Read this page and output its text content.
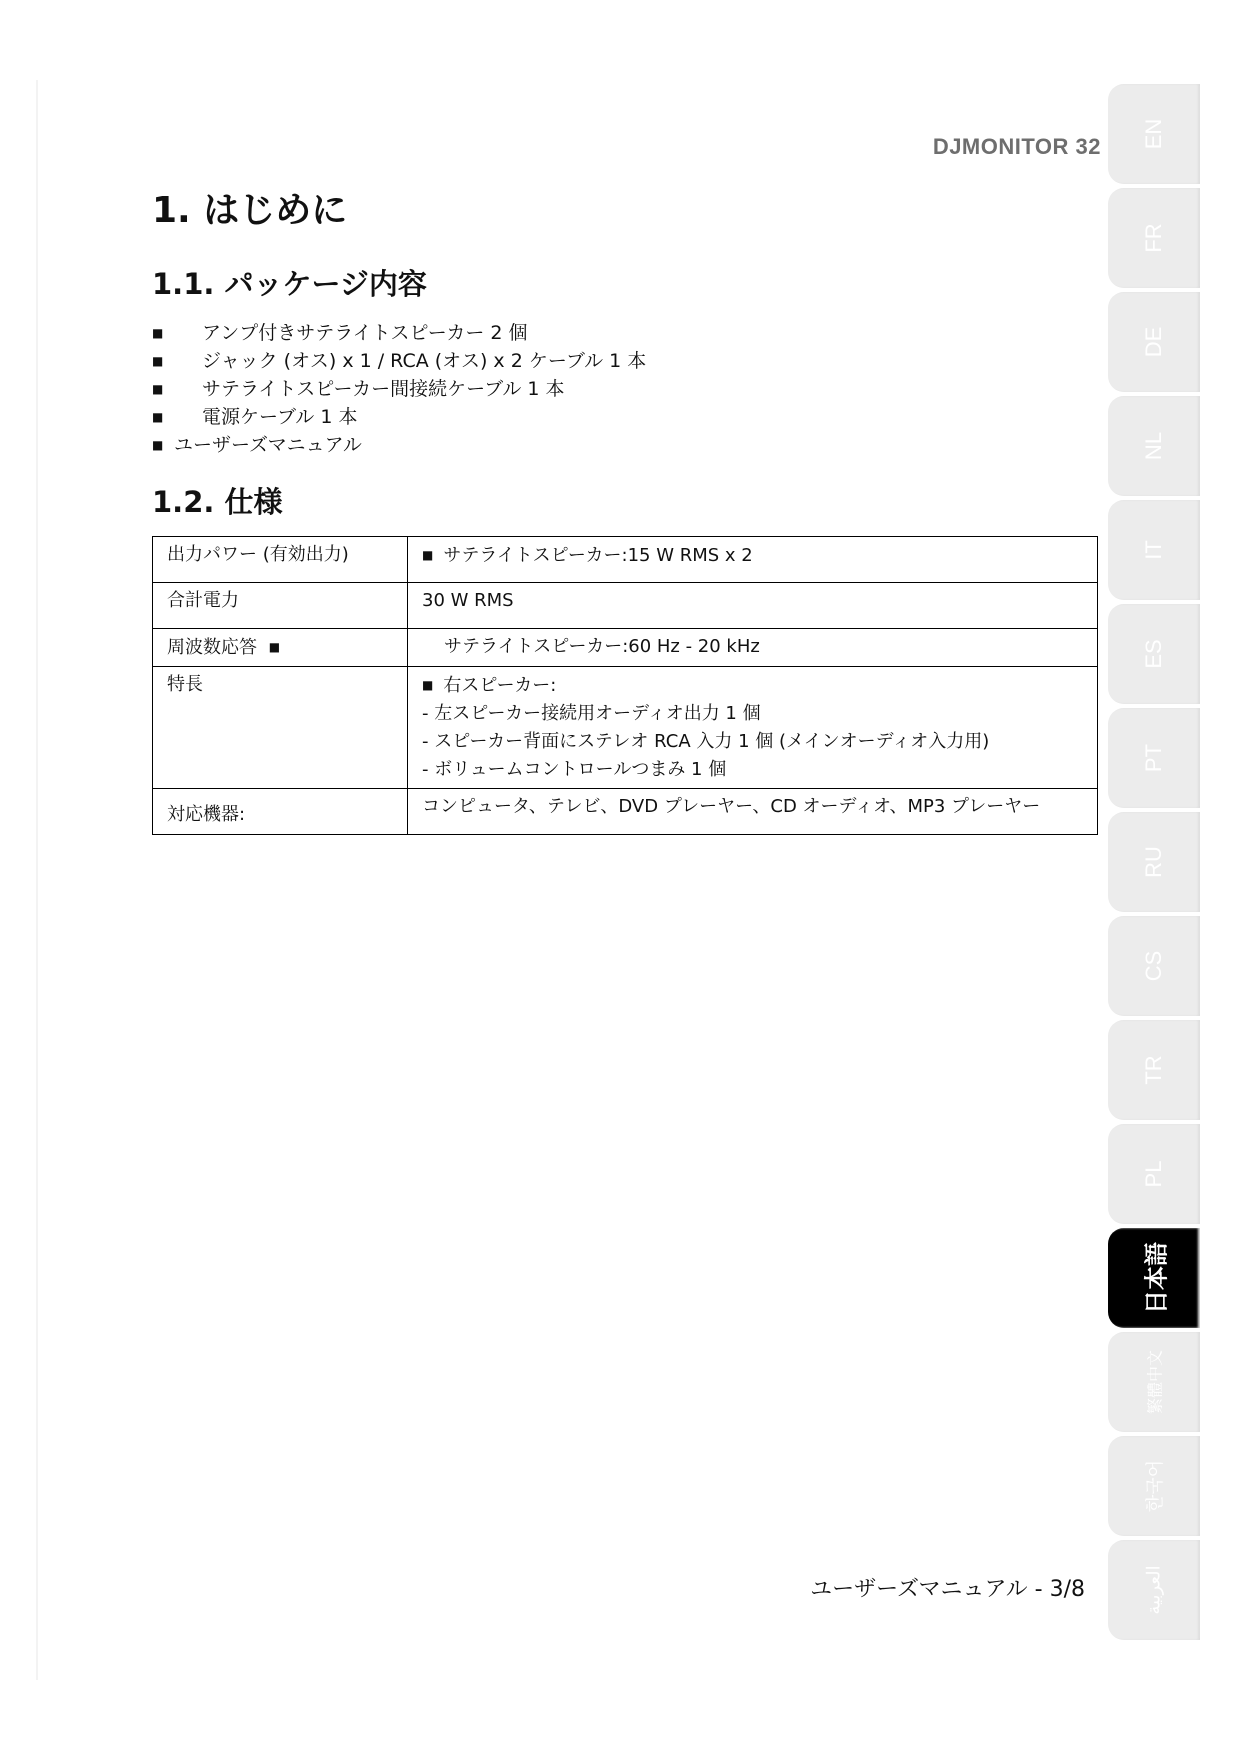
DJMONITOR 32
1. はじめに
1.1. パッケージ内容
■	アンプ付きサテライトスピーカー 2 個
■	ジャック (オス) x 1 / RCA (オス) x 2 ケーブル 1 本
■	サテライトスピーカー間接続ケーブル 1 本
■	電源ケーブル 1 本
■ ユーザーズマニュアル
1.2. 仕様
出力パワー (有効出力)	■ サテライトスピーカー:15 W RMS x 2
合計電力	30 W RMS
周波数応答 ■	サテライトスピーカー:60 Hz - 20 kHz
特長	■ 右スピーカー:
- 左スピーカー接続用オーディオ出力 1 個
- スピーカー背面にステレオ RCA 入力 1 個 (メインオーディオ入力用)
- ボリュームコントロールつまみ 1 個

対応機器:	コンピュータ、テレビ、DVD プレーヤー、CD オーディオ、MP3 プレーヤー
ユーザーズマニュアル - 3/8
EN
FR
DE
NL
IT
ES
PT
RU
CS
TR
PL
日本語
繁體中文
한국어
العربية
